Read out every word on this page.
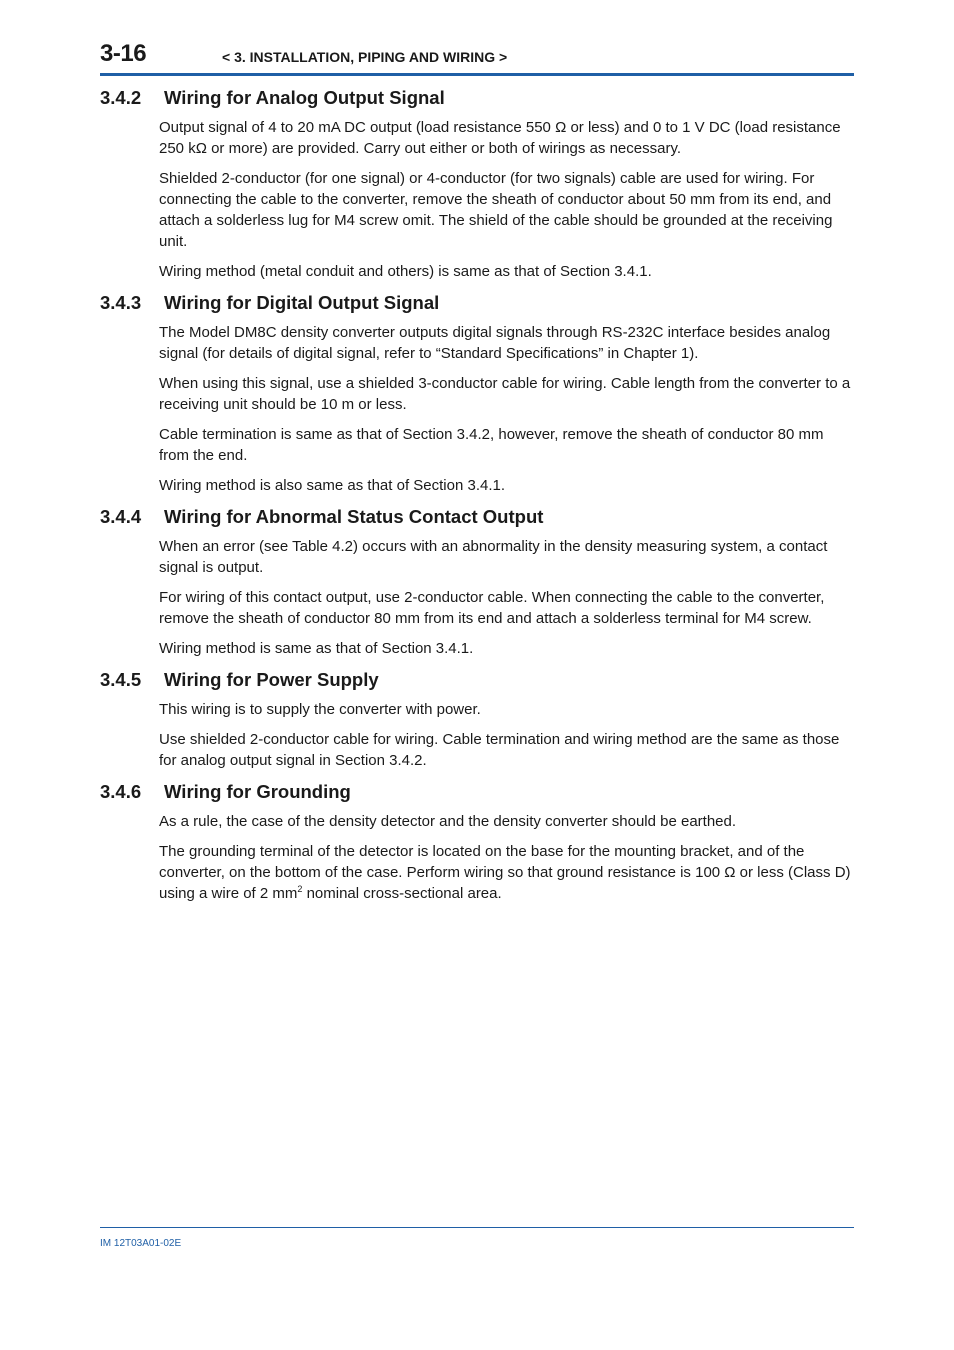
3-16	< 3. INSTALLATION, PIPING AND WIRING >
3.4.2	Wiring for Analog Output Signal

Output signal of 4 to 20 mA DC output (load resistance 550 Ω or less) and 0 to 1 V DC (load resistance 250 kΩ or more) are provided. Carry out either or both of wirings as necessary.

Shielded 2-conductor (for one signal) or 4-conductor (for two signals) cable are used for wiring. For connecting the cable to the converter, remove the sheath of conductor about 50 mm from its end, and attach a solderless lug for M4 screw omit. The shield of the cable should be grounded at the receiving unit.

Wiring method (metal conduit and others) is same as that of Section 3.4.1.

3.4.3	Wiring for Digital Output Signal

The Model DM8C density converter outputs digital signals through RS-232C interface besides analog signal (for details of digital signal, refer to “Standard Specifications” in Chapter 1).

When using this signal, use a shielded 3-conductor cable for wiring. Cable length from the converter to a receiving unit should be 10 m or less.

Cable termination is same as that of Section 3.4.2, however, remove the sheath of conductor 80 mm from the end.

Wiring method is also same as that of Section 3.4.1.

3.4.4	Wiring for Abnormal Status Contact Output

When an error (see Table 4.2) occurs with an abnormality in the density measuring system, a contact signal is output.

For wiring of this contact output, use 2-conductor cable. When connecting the cable to the converter, remove the sheath of conductor 80 mm from its end and attach a solderless terminal for M4 screw.

Wiring method is same as that of Section 3.4.1.

3.4.5	Wiring for Power Supply

This wiring is to supply the converter with power.

Use shielded 2-conductor cable for wiring. Cable termination and wiring method are the same as those for analog output signal in Section 3.4.2.

3.4.6	Wiring for Grounding

As a rule, the case of the density detector and the density converter should be earthed.

The grounding terminal of the detector is located on the base for the mounting bracket, and of the converter, on the bottom of the case. Perform wiring so that ground resistance is 100 Ω or less (Class D) using a wire of 2 $mm^2$ nominal cross-sectional area.

IM 12T03A01-02E
